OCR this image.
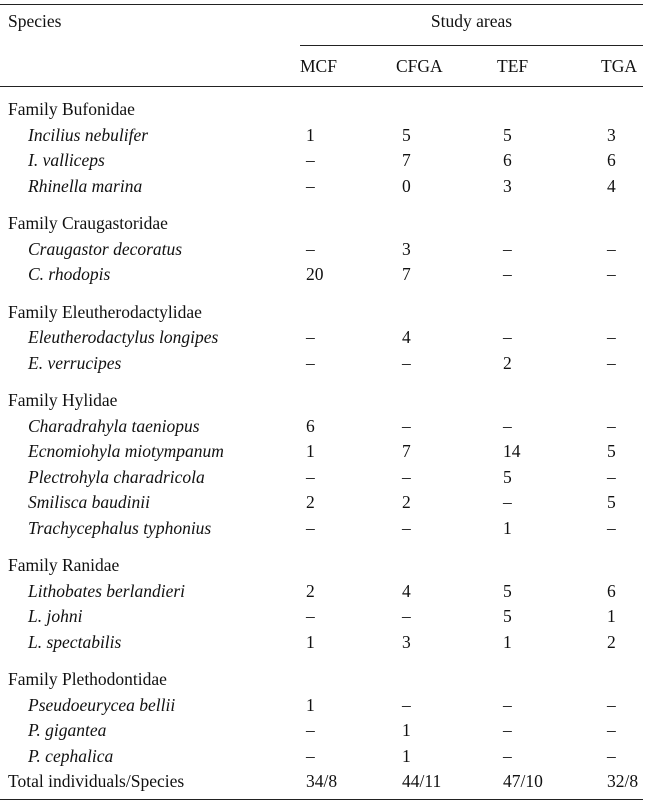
Species	Study areas			
	MCF	CFGA	TEF	TGA
Family Bufonidae				
Incilius nebulifer	1	5	5	3
I. valliceps	–	7	6	6
Rhinella marina	–	0	3	4
Family Craugastoridae				
Craugastor decoratus	–	3	–	–
C. rhodopis	20	7	–	–
Family Eleutherodactylidae				
Eleutherodactylus longipes	–	4	–	–
E. verrucipes	–	–	2	–
Family Hylidae				
Charadrahyla taeniopus	6	–	–	–
Ecnomiohyla miotympanum	1	7	14	5
Plectrohyla charadricola	–	–	5	–
Smilisca baudinii	2	2	–	5
Trachycephalus typhonius	–	–	1	–
Family Ranidae				
Lithobates berlandieri	2	4	5	6
L. johni	–	–	5	1
L. spectabilis	1	3	1	2
Family Plethodontidae				
Pseudoeurycea bellii	1	–	–	–
P. gigantea	–	1	–	–
P. cephalica	–	1	–	–
Total individuals/Species	34/8	44/11	47/10	32/8
